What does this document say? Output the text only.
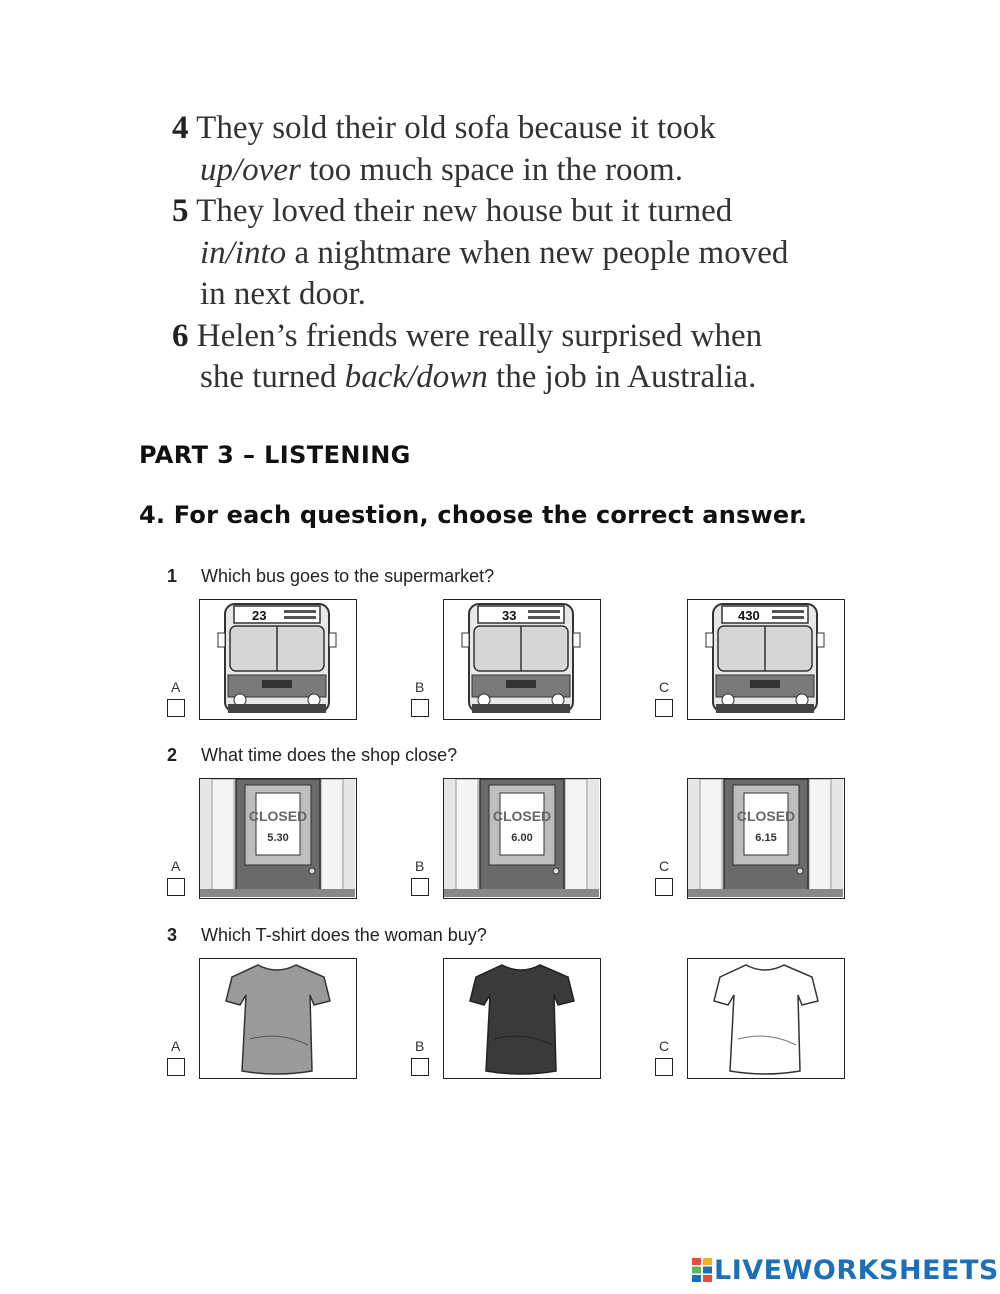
4 They sold their old sofa because it took
up/over too much space in the room.
5 They loved their new house but it turned
in/into a nightmare when new people moved
in next door.
6 Helen’s friends were really surprised when
she turned back/down the job in Australia.
PART 3 – LISTENING
4. For each question, choose the correct answer.
1 Which bus goes to the supermarket?
A
23
B
33
C
430
2 What time does the shop close?
A
CLOSED
5.30
B
CLOSED
6.00
C
CLOSED
6.15
3 Which T-shirt does the woman buy?
A	B	C
LIVEWORKSHEETS
